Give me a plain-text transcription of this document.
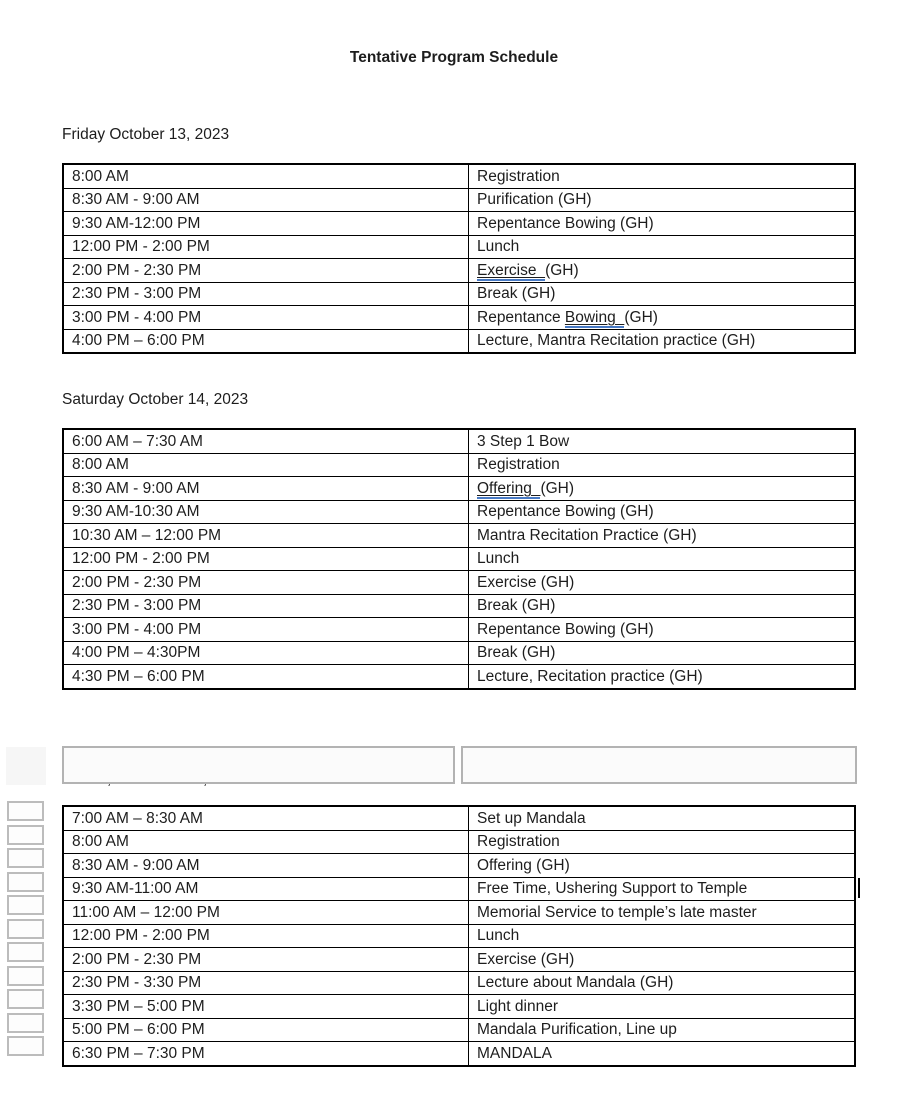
Tentative Program Schedule
Friday October 13, 2023
8:00 AM	Registration
8:30 AM - 9:00 AM	Purification (GH)
9:30 AM-12:00 PM	Repentance Bowing (GH)
12:00 PM - 2:00 PM	Lunch
2:00 PM - 2:30 PM	Exercise  (GH)
2:30 PM - 3:00 PM	Break (GH)
3:00 PM - 4:00 PM	Repentance Bowing  (GH)
4:00 PM – 6:00 PM	Lecture, Mantra Recitation practice (GH)
Saturday October 14, 2023
6:00 AM – 7:30 AM	3 Step 1 Bow
8:00 AM	Registration
8:30 AM - 9:00 AM	Offering  (GH)
9:30 AM-10:30 AM	Repentance Bowing (GH)
10:30 AM – 12:00 PM	Mantra Recitation Practice (GH)
12:00 PM - 2:00 PM	Lunch
2:00 PM - 2:30 PM	Exercise (GH)
2:30 PM - 3:00 PM	Break (GH)
3:00 PM - 4:00 PM	Repentance Bowing (GH)
4:00 PM – 4:30PM	Break (GH)
4:30 PM – 6:00 PM	Lecture, Recitation practice (GH)
7:00 AM – 8:30 AM	Set up Mandala
8:00 AM	Registration
8:30 AM - 9:00 AM	Offering (GH)
9:30 AM-11:00 AM	Free Time, Ushering Support to Temple
11:00 AM – 12:00 PM	Memorial Service to temple’s late master
12:00 PM - 2:00 PM	Lunch
2:00 PM - 2:30 PM	Exercise (GH)
2:30 PM - 3:30 PM	Lecture about Mandala (GH)
3:30 PM – 5:00 PM	Light dinner
5:00 PM – 6:00 PM	Mandala Purification, Line up
6:30 PM – 7:30 PM	MANDALA
